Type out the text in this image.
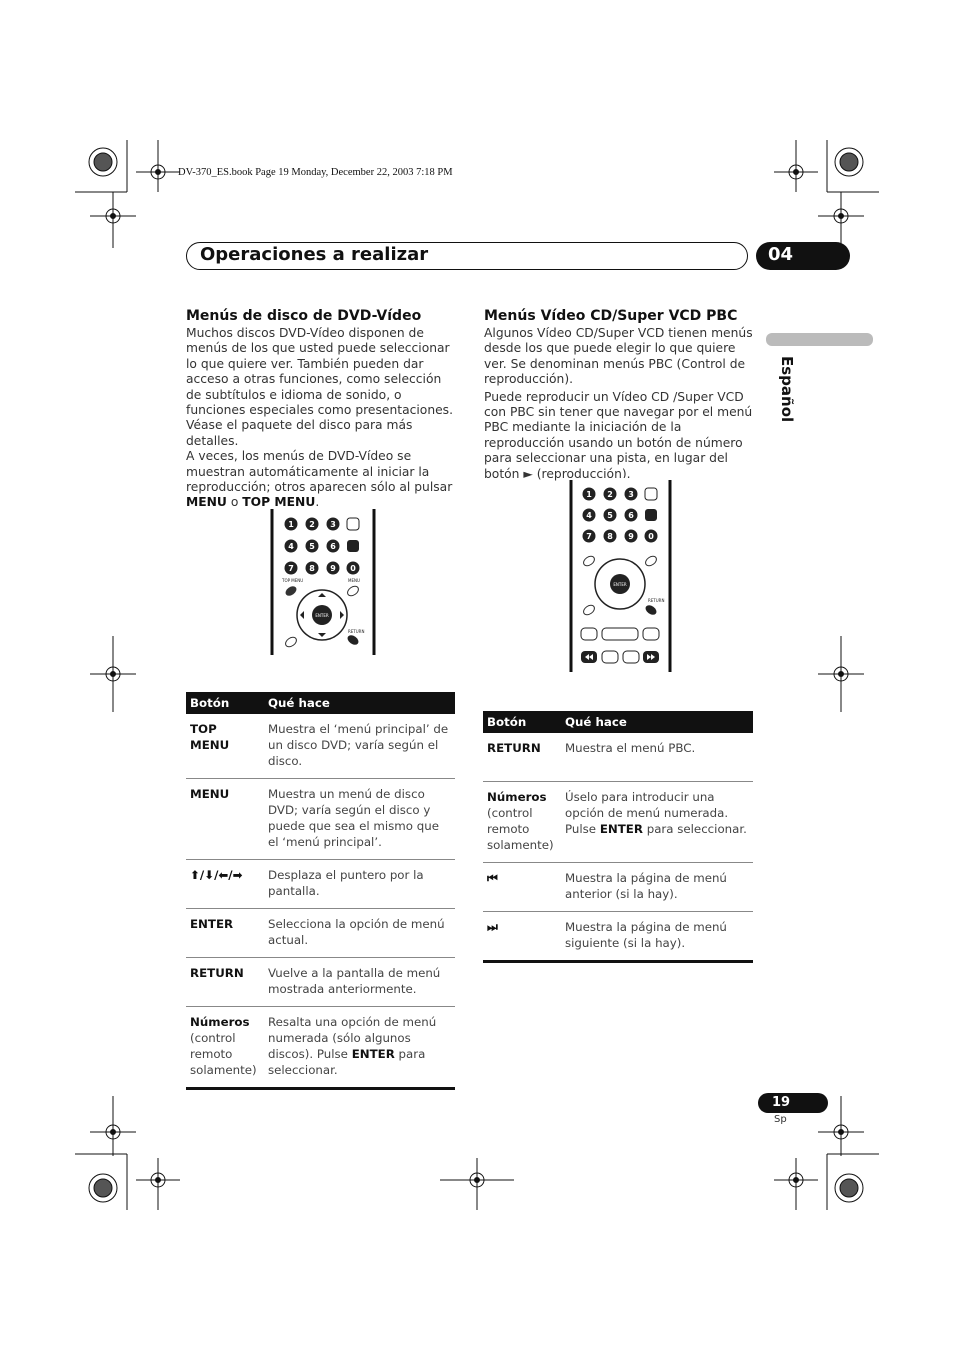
DV-370_ES.book Page 19 Monday, December 22, 2003 7:18 PM
Operaciones a realizar	04
Español
Menús de disco de DVD-Vídeo

Muchos discos DVD-Vídeo disponen de menús de los que usted puede seleccionar lo que quiere ver. También pueden dar acceso a otras funciones, como selección de subtítulos e idioma de sonido, o funciones especiales como presentaciones. Véase el paquete del disco para más detalles.

A veces, los menús de DVD-Vídeo se muestran automáticamente al iniciar la reproducción; otros aparecen sólo al pulsar MENU o TOP MENU.

1 2 3
4 5 6
7 8 9 0
TOP MENU	MENU
RETURN
ENTER
Botón	Qué hace
TOP MENU	Muestra el ‘menú principal’ de un disco DVD; varía según el disco.
MENU	Muestra un menú de disco DVD; varía según el disco y puede que sea el mismo que el ‘menú principal’.
⬆/⬇/⬅/➡	Desplaza el puntero por la pantalla.
ENTER	Selecciona la opción de menú actual.
RETURN	Vuelve a la pantalla de menú mostrada anteriormente.
Números
(control remoto solamente)	Resalta una opción de menú numerada (sólo algunos discos). Pulse ENTER para seleccionar.
Menús Vídeo CD/Super VCD PBC

Algunos Vídeo CD/Super VCD tienen menús desde los que puede elegir lo que quiere ver. Se denominan menús PBC (Control de reproducción).

Puede reproducir un Vídeo CD /Super VCD con PBC sin tener que navegar por el menú PBC mediante la iniciación de la reproducción usando un botón de número para seleccionar una pista, en lugar del botón ► (reproducción).

1 2 3
4 5 6
7 8 9 0
ENTER
RETURN
Botón	Qué hace
RETURN	Muestra el menú PBC.
Números
(control remoto solamente)	Úselo para introducir una opción de menú numerada. Pulse ENTER para seleccionar.
⏮	Muestra la página de menú anterior (si la hay).
⏭	Muestra la página de menú siguiente (si la hay).
19
Sp
